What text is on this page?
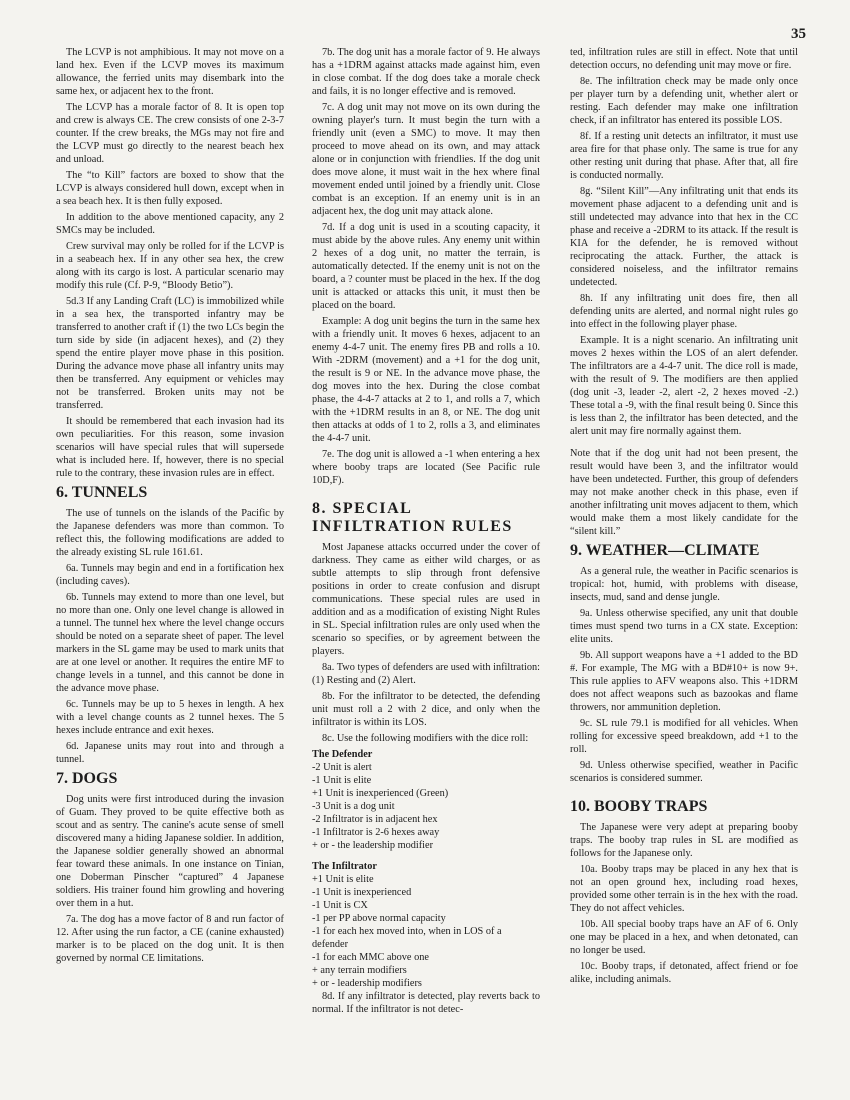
35

The LCVP is not amphibious. It may not move on a land hex. Even if the LCVP moves its maximum allowance, the ferried units may disembark into the same hex, or adjacent hex to the front.

The LCVP has a morale factor of 8. It is open top and crew is always CE. The crew consists of one 2-3-7 counter. If the crew breaks, the MGs may not fire and the LCVP must go directly to the nearest beach hex and unload.

The “to Kill” factors are boxed to show that the LCVP is always considered hull down, except when in a sea beach hex. It is then fully exposed.

In addition to the above mentioned capacity, any 2 SMCs may be included.

Crew survival may only be rolled for if the LCVP is in a seabeach hex. If in any other sea hex, the crew along with its cargo is lost. A particular scenario may modify this rule (Cf. P-9, “Bloody Betio”).

5d.3 If any Landing Craft (LC) is immobilized while in a sea hex, the transported infantry may be transferred to another craft if (1) the two LCs begin the turn side by side (in adjacent hexes), and (2) they spend the entire player move phase in this position. During the advance move phase all infantry units may then be transferred. Any equipment or vehicles may not be transferred. Broken units may not be transferred.

It should be remembered that each invasion had its own peculiarities. For this reason, some invasion scenarios will have special rules that will supersede what is included here. If, however, there is no special rule to the contrary, these invasion rules are in effect.

6. TUNNELS

The use of tunnels on the islands of the Pacific by the Japanese defenders was more than common. To reflect this, the following modifications are added to the already existing SL rule 161.61.

6a. Tunnels may begin and end in a fortification hex (including caves).

6b. Tunnels may extend to more than one level, but no more than one. Only one level change is allowed in a tunnel. The tunnel hex where the level change occurs should be noted on a separate sheet of paper. The level markers in the SL game may be used to mark units that are at one level or another. It requires the entire MF to change levels in a tunnel, and this cannot be done in the advance move phase.

6c. Tunnels may be up to 5 hexes in length. A hex with a level change counts as 2 tunnel hexes. The 5 hexes include entrance and exit hexes.

6d. Japanese units may rout into and through a tunnel.

7. DOGS

Dog units were first introduced during the invasion of Guam. They proved to be quite effective both as scout and as sentry. The canine's acute sense of smell discovered many a hiding Japanese soldier. In addition, the Japanese soldier generally showed an abnormal fear toward these animals. In one instance on Tinian, one Doberman Pinscher “captured” 4 Japanese soldiers. His trainer found him growling and hovering over them in a hut.

7a. The dog has a move factor of 8 and run factor of 12. After using the run factor, a CE (canine exhausted) marker is to be placed on the dog unit. It is then governed by normal CE limitations.

7b. The dog unit has a morale factor of 9. He always has a +1DRM against attacks made against him, even in close combat. If the dog does take a morale check and fails, it is no longer effective and is removed.

7c. A dog unit may not move on its own during the owning player's turn. It must begin the turn with a friendly unit (even a SMC) to move. It may then proceed to move ahead on its own, and may attack alone or in conjunction with friendlies. If the dog unit does move alone, it must wait in the hex where final movement ended until joined by a friendly unit. Close combat is an exception. If an enemy unit is in an adjacent hex, the dog unit may attack alone.

7d. If a dog unit is used in a scouting capacity, it must abide by the above rules. Any enemy unit within 2 hexes of a dog unit, no matter the terrain, is automatically detected. If the enemy unit is not on the board, a ? counter must be placed in the hex. If the dog unit is attacked or attacks this unit, it must then be placed on the board.

Example: A dog unit begins the turn in the same hex with a friendly unit. It moves 6 hexes, adjacent to an enemy 4-4-7 unit. The enemy fires PB and rolls a 10. With -2DRM (movement) and a +1 for the dog unit, the result is 9 or NE. In the advance move phase, the dog moves into the hex. During the close combat phase, the 4-4-7 attacks at 2 to 1, and rolls a 7, which with the +1DRM results in an 8, or NE. The dog unit then attacks at odds of 1 to 2, rolls a 3, and eliminates the 4-4-7 unit.

7e. The dog unit is allowed a -1 when entering a hex where booby traps are located (See Pacific rule 10D,F).

8. SPECIAL INFILTRATION RULES

Most Japanese attacks occurred under the cover of darkness. They came as either wild charges, or as subtle attempts to slip through front defensive positions in order to create confusion and disrupt communications. These special rules are used in addition and as a modification of existing Night Rules in SL. Special infiltration rules are only used when the scenario so specifies, or by agreement between the players.

8a. Two types of defenders are used with infiltration: (1) Resting and (2) Alert.

8b. For the infiltrator to be detected, the defending unit must roll a 2 with 2 dice, and only when the infiltrator is within its LOS.

8c. Use the following modifiers with the dice roll:

The Defender

-2 Unit is alert

-1 Unit is elite

+1 Unit is inexperienced (Green)

-3 Unit is a dog unit

-2 Infiltrator is in adjacent hex

-1 Infiltrator is 2-6 hexes away

+ or - the leadership modifier

The Infiltrator

+1 Unit is elite

-1 Unit is inexperienced

-1 Unit is CX

-1 per PP above normal capacity

-1 for each hex moved into, when in LOS of a defender

-1 for each MMC above one

+ any terrain modifiers

+ or - leadership modifiers

8d. If any infiltrator is detected, play reverts back to normal. If the infiltrator is not detec-

ted, infiltration rules are still in effect. Note that until detection occurs, no defending unit may move or fire.

8e. The infiltration check may be made only once per player turn by a defending unit, whether alert or resting. Each defender may make one infiltration check, if an infiltrator has entered its possible LOS.

8f. If a resting unit detects an infiltrator, it must use area fire for that phase only. The same is true for any other resting unit during that phase. After that, all fire is conducted normally.

8g. “Silent Kill”—Any infiltrating unit that ends its movement phase adjacent to a defending unit and is still undetected may advance into that hex in the CC phase and receive a -2DRM to its attack. If the result is KIA for the defender, he is removed without reciprocating the attack. Further, the attack is considered noiseless, and the infiltrator remains undetected.

8h. If any infiltrating unit does fire, then all defending units are alerted, and normal night rules go into effect in the following player phase.

Example. It is a night scenario. An infiltrating unit moves 2 hexes within the LOS of an alert defender. The infiltrators are a 4-4-7 unit. The dice roll is made, with the result of 9. The modifiers are then applied (dog unit -3, leader -2, alert -2, 2 hexes moved -2.) These total a -9, with the final result being 0. Since this is less than 2, the infiltrator has been detected, and the alert unit may fire normally against them.

Note that if the dog unit had not been present, the result would have been 3, and the infiltrator would have been undetected. Further, this group of defenders may not make another check in this phase, even if another infiltrating unit moves adjacent to them, which would make them a most likely candidate for the “silent kill.”

9. WEATHER—CLIMATE

As a general rule, the weather in Pacific scenarios is tropical: hot, humid, with problems with disease, insects, mud, sand and dense jungle.

9a. Unless otherwise specified, any unit that double times must spend two turns in a CX state. Exception: elite units.

9b. All support weapons have a +1 added to the BD #. For example, The MG with a BD#10+ is now 9+. This rule applies to AFV weapons also. This +1DRM does not affect weapons such as bazookas and flame throwers, nor ammunition depletion.

9c. SL rule 79.1 is modified for all vehicles. When rolling for excessive speed breakdown, add +1 to the roll.

9d. Unless otherwise specified, weather in Pacific scenarios is considered summer.

10. BOOBY TRAPS

The Japanese were very adept at preparing booby traps. The booby trap rules in SL are modified as follows for the Japanese only.

10a. Booby traps may be placed in any hex that is not an open ground hex, including road hexes, provided some other terrain is in the hex with the road. They do not affect vehicles.

10b. All special booby traps have an AF of 6. Only one may be placed in a hex, and when detonated, can no longer be used.

10c. Booby traps, if detonated, affect friend or foe alike, including animals.
